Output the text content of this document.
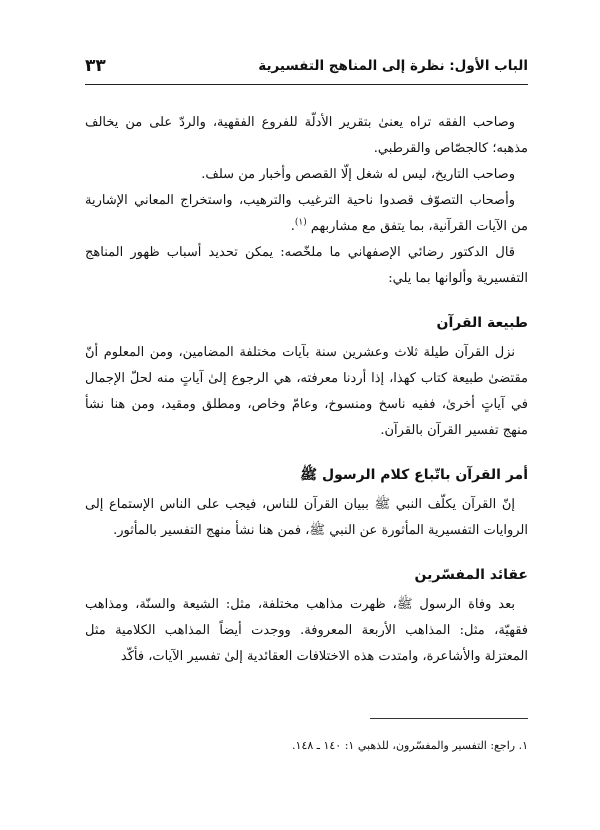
الباب الأول: نظرة إلى المناهج التفسيرية
٣٣

وصاحب الفقه تراه يعنىٰ بتقرير الأدلّة للفروع الفقهية، والردّ على من يخالف مذهبه؛ كالجصّاص والقرطبي.

وصاحب التاريخ، ليس له شغل إلّا القصص وأخبار من سلف.

وأصحاب التصوّف قصدوا ناحية الترغيب والترهيب، واستخراج المعاني الإشارية من الآيات القرآنية، بما يتفق مع مشاربهم $^{(١)}$.

قال الدكتور رضائي الإصفهاني ما ملخّصه: يمكن تحديد أسباب ظهور المناهج التفسيرية وألوانها بما يلي:

طبيعة القرآن

نزل القرآن طيلة ثلاث وعشرين سنة بآيات مختلفة المضامين، ومن المعلوم أنّ مقتضىٰ طبيعة كتاب كهذا، إذا أردنا معرفته، هي الرجوع إلىٰ آياتٍ منه لحلّ الإجمال في آياتٍ أخرىٰ، ففيه ناسخ ومنسوخ، وعامّ وخاص، ومطلق ومقيد، ومن هنا نشأ منهج تفسير القرآن بالقرآن.

أمر القرآن باتّباع كلام الرسول ﷺ

إنّ القرآن يكلّف النبي ﷺ ببيان القرآن للناس، فيجب على الناس الإستماع إلى الروايات التفسيرية المأثورة عن النبي ﷺ، فمن هنا نشأ منهج التفسير بالمأثور.

عقائد المفسّرين

بعد وفاة الرسول ﷺ، ظهرت مذاهب مختلفة، مثل: الشيعة والسنّة، ومذاهب فقهيّة، مثل: المذاهب الأربعة المعروفة. ووجدت أيضاً المذاهب الكلامية مثل المعتزلة والأشاعرة، وامتدت هذه الاختلافات العقائدية إلىٰ تفسير الآيات، فأكّد

١. راجع: التفسير والمفسّرون، للذهبي ١: ١٤٠ ـ ١٤٨.
